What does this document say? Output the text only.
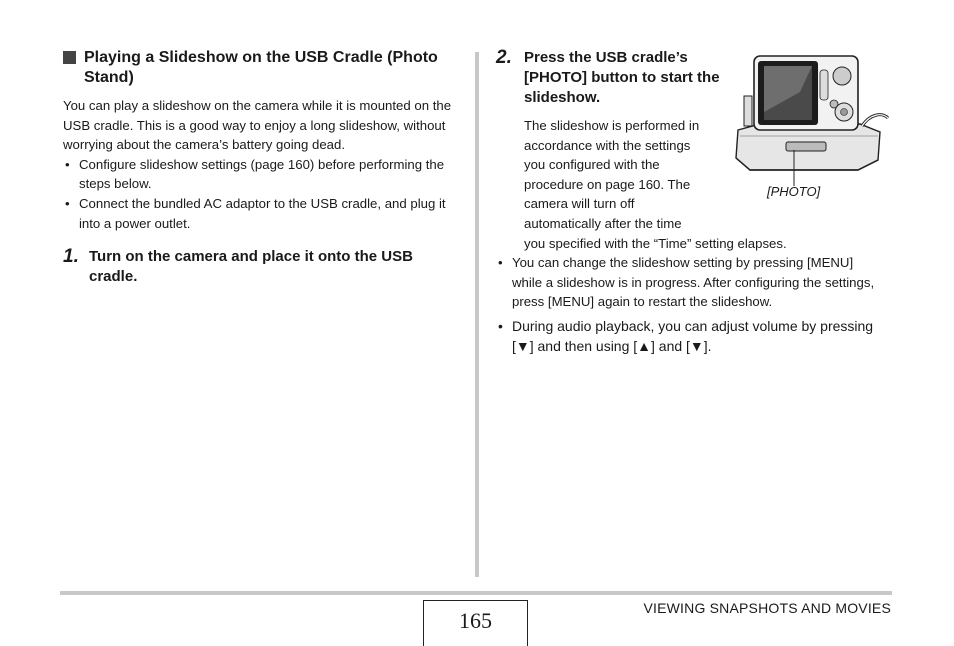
Playing a Slideshow on the USB Cradle (Photo Stand)

You can play a slideshow on the camera while it is mounted on the USB cradle. This is a good way to enjoy a long slideshow, without worrying about the camera’s battery going dead.

• Configure slideshow settings (page 160) before performing the steps below.
• Connect the bundled AC adaptor to the USB cradle, and plug it into a power outlet.
1. Turn on the camera and place it onto the USB cradle.
2. Press the USB cradle’s [PHOTO] button to start the slideshow.
The slideshow is performed in
accordance with the settings
you configured with the
procedure on page 160. The
camera will turn off
automatically after the time
you specified with the “Time” setting elapses.
• You can change the slideshow setting by pressing [MENU] while a slideshow is in progress. After configuring the settings, press [MENU] again to restart the slideshow.
• During audio playback, you can adjust volume by pressing [▼] and then using [▲] and [▼].
[PHOTO]
165	VIEWING SNAPSHOTS AND MOVIES
